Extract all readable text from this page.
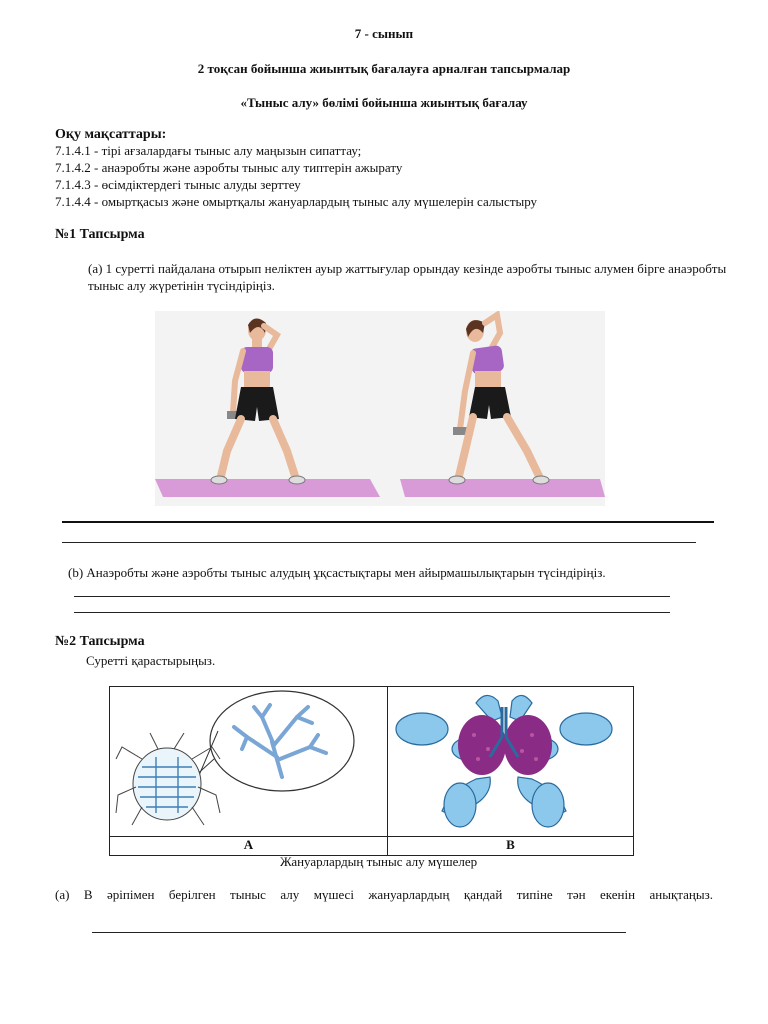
7 - сынып
2 тоқсан бойынша жиынтық бағалауға арналған тапсырмалар
«Тыныс алу» бөлімі бойынша жиынтық бағалау
Оқу мақсаттары:
7.1.4.1 - тірі ағзалардағы тыныс алу маңызын сипаттау;
7.1.4.2 - анаэробты және аэробты тыныс алу типтерін ажырату
7.1.4.3 - өсімдіктердегі тыныс алуды зерттеу
7.1.4.4 - омыртқасыз және омыртқалы жануарлардың тыныс алу мүшелерін салыстыру
№1 Тапсырма
(a) 1 суретті пайдалана отырып неліктен ауыр жаттығулар орындау кезінде аэробты тыныс алумен бірге анаэробты тыныс алу жүретінін түсіндіріңіз.
(b) Анаэробты және аэробты тыныс алудың ұқсастықтары мен айырмашылықтарын түсіндіріңіз.
№2 Тапсырма
Суретті қарастырыңыз.
А	В
Жануарлардың тыныс алу мүшелер
(а) В әріпімен берілген тыныс алу мүшесі жануарлардың қандай типіне тән екенін анықтаңыз.
